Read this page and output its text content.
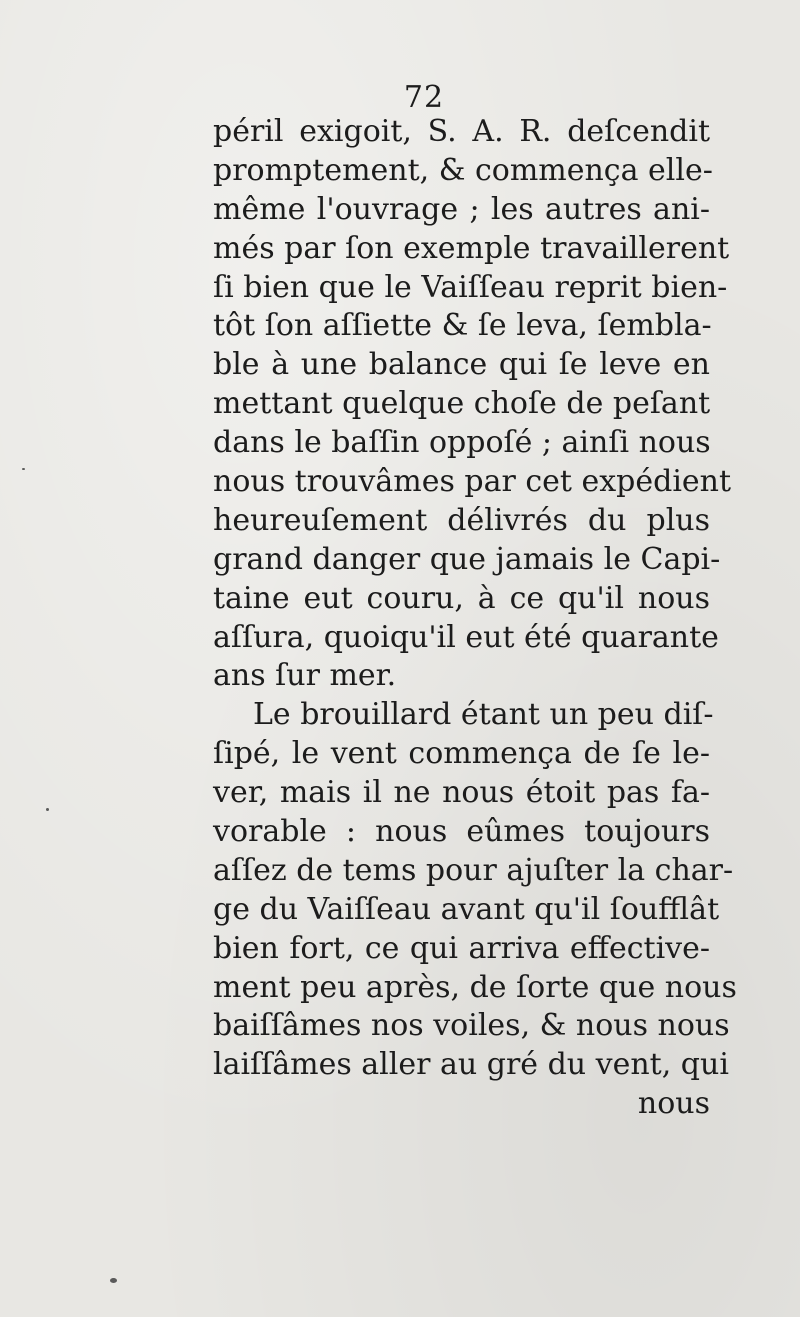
72
péril exigoit, S. A. R. deſcendit
promptement, & commença elle-
même l'ouvrage ; les autres ani-
més par ſon exemple travaillerent
ſi bien que le Vaiſſeau reprit bien-
tôt ſon aſſiette & ſe leva, ſembla-
ble à une balance qui ſe leve en
mettant quelque choſe de peſant
dans le baſſin oppoſé ; ainſi nous
nous trouvâmes par cet expédient
heureuſement délivrés du plus
grand danger que jamais le Capi-
taine eut couru, à ce qu'il nous
aſſura, quoiqu'il eut été quarante
ans ſur mer.
Le brouillard étant un peu diſ-
ſipé, le vent commença de ſe le-
ver, mais il ne nous étoit pas fa-
vorable : nous eûmes toujours
aſſez de tems pour ajuſter la char-
ge du Vaiſſeau avant qu'il ſoufflât
bien fort, ce qui arriva effectivе-
ment peu après, de ſorte que nous
baiſſâmes nos voiles, & nous nous
laiſſâmes aller au gré du vent, qui
nous
